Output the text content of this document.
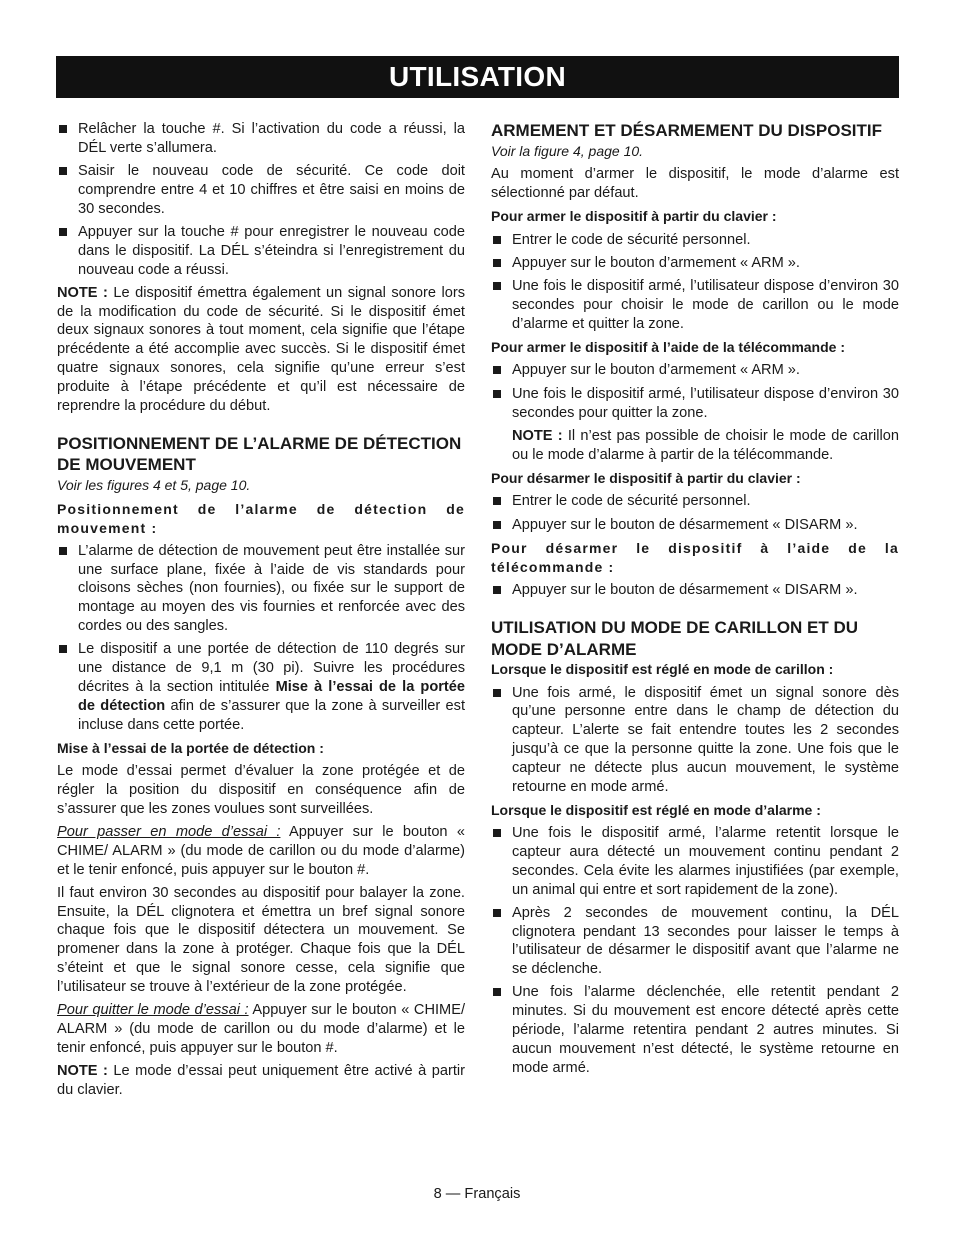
UTILISATION
Relâcher la touche #. Si l’activation du code a réussi, la DÉL verte s’allumera.
Saisir le nouveau code de sécurité. Ce code doit comprendre entre 4 et 10 chiffres et être saisi en moins de 30 secondes.
Appuyer sur la touche # pour enregistrer le nouveau code dans le dispositif. La DÉL s’éteindra si l’enregistrement du nouveau code a réussi.

NOTE : Le dispositif émettra également un signal sonore lors de la modification du code de sécurité. Si le dispositif émet deux signaux sonores à tout moment, cela signifie que l’étape précédente a été accomplie avec succès. Si le dispositif émet quatre signaux sonores, cela signifie qu’une erreur s’est produite à l’étape précédente et qu’il est nécessaire de reprendre la procédure du début.

POSITIONNEMENT DE L’ALARME DE DÉTECTION DE MOUVEMENT
Voir les figures 4 et 5, page 10.
Positionnement de l’alarme de détection de mouvement :
L’alarme de détection de mouvement peut être installée sur une surface plane, fixée à l’aide de vis standards pour cloisons sèches (non fournies), ou fixée sur le support de montage au moyen des vis fournies et renforcée avec des cordes ou des sangles.
Le dispositif a une portée de détection de 110 degrés sur une distance de 9,1 m (30 pi). Suivre les procédures décrites à la section intitulée Mise à l’essai de la portée de détection afin de s’assurer que la zone à surveiller est incluse dans cette portée.
Mise à l’essai de la portée de détection :

Le mode d’essai permet d’évaluer la zone protégée et de régler la position du dispositif en conséquence afin de s’assurer que les zones voulues sont surveillées.

Pour passer en mode d’essai : Appuyer sur le bouton « CHIME/ ALARM » (du mode de carillon ou du mode d’alarme) et le tenir enfoncé, puis appuyer sur le bouton #.

Il faut environ 30 secondes au dispositif pour balayer la zone. Ensuite, la DÉL clignotera et émettra un bref signal sonore chaque fois que le dispositif détectera un mouvement. Se promener dans la zone à protéger. Chaque fois que la DÉL s’éteint et que le signal sonore cesse, cela signifie que l’utilisateur se trouve à l’extérieur de la zone protégée.

Pour quitter le mode d’essai : Appuyer sur le bouton « CHIME/ ALARM » (du mode de carillon ou du mode d’alarme) et le tenir enfoncé, puis appuyer sur le bouton #.

NOTE : Le mode d’essai peut uniquement être activé à partir du clavier.

ARMEMENT ET DÉSARMEMENT DU DISPOSITIF
Voir la figure 4, page 10.

Au moment d’armer le dispositif, le mode d’alarme est sélectionné par défaut.

Pour armer le dispositif à partir du clavier :
Entrer le code de sécurité personnel.
Appuyer sur le bouton d’armement « ARM ».
Une fois le dispositif armé, l’utilisateur dispose d’environ 30 secondes pour choisir le mode de carillon ou le mode d’alarme et quitter la zone.
Pour armer le dispositif à l’aide de la télécommande :
Appuyer sur le bouton d’armement « ARM ».
Une fois le dispositif armé, l’utilisateur dispose d’environ 30 secondes pour quitter la zone.

NOTE : Il n’est pas possible de choisir le mode de carillon ou le mode d’alarme à partir de la télécommande.

Pour désarmer le dispositif à partir du clavier :
Entrer le code de sécurité personnel.
Appuyer sur le bouton de désarmement « DISARM ».
Pour désarmer le dispositif à l’aide de la télécommande :
Appuyer sur le bouton de désarmement « DISARM ».
UTILISATION DU MODE DE CARILLON ET DU MODE D’ALARME
Lorsque le dispositif est réglé en mode de carillon :
Une fois armé, le dispositif émet un signal sonore dès qu’une personne entre dans le champ de détection du capteur. L’alerte se fait entendre toutes les 2 secondes jusqu’à ce que la personne quitte la zone. Une fois que le capteur ne détecte plus aucun mouvement, le système retourne en mode armé.
Lorsque le dispositif est réglé en mode d’alarme :
Une fois le dispositif armé, l’alarme retentit lorsque le capteur aura détecté un mouvement continu pendant 2 secondes. Cela évite les alarmes injustifiées (par exemple, un animal qui entre et sort rapidement de la zone).
Après 2 secondes de mouvement continu, la DÉL clignotera pendant 13 secondes pour laisser le temps à l’utilisateur de désarmer le dispositif avant que l’alarme ne se déclenche.
Une fois l’alarme déclenchée, elle retentit pendant 2 minutes. Si du mouvement est encore détecté après cette période, l’alarme retentira pendant 2 autres minutes. Si aucun mouvement n’est détecté, le système retourne en mode armé.
8 — Français
